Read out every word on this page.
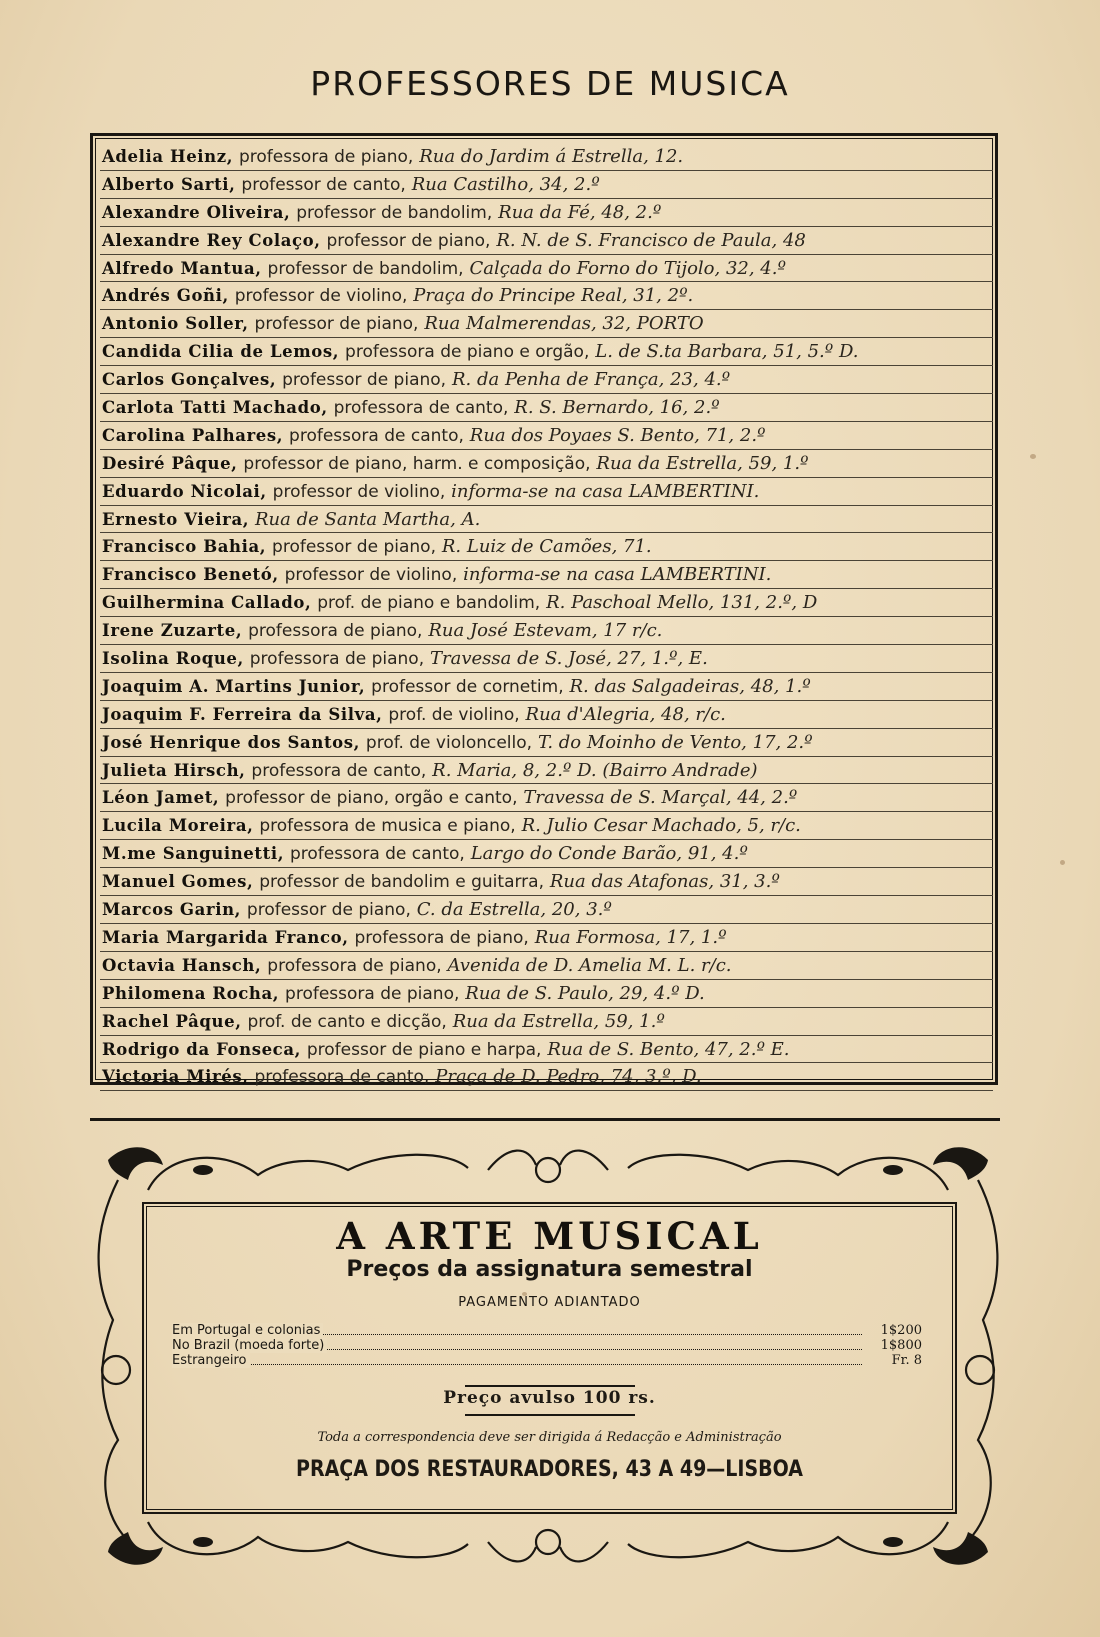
PROFESSORES DE MUSICA
Adelia Heinz, professora de piano, Rua do Jardim á Estrella, 12.
Alberto Sarti, professor de canto, Rua Castilho, 34, 2.º
Alexandre Oliveira, professor de bandolim, Rua da Fé, 48, 2.º
Alexandre Rey Colaço, professor de piano, R. N. de S. Francisco de Paula, 48
Alfredo Mantua, professor de bandolim, Calçada do Forno do Tijolo, 32, 4.º
Andrés Goñi, professor de violino, Praça do Principe Real, 31, 2º.
Antonio Soller, professor de piano, Rua Malmerendas, 32, PORTO
Candida Cilia de Lemos, professora de piano e orgão, L. de S.ta Barbara, 51, 5.º D.
Carlos Gonçalves, professor de piano, R. da Penha de França, 23, 4.º
Carlota Tatti Machado, professora de canto, R. S. Bernardo, 16, 2.º
Carolina Palhares, professora de canto, Rua dos Poyaes S. Bento, 71, 2.º
Desiré Pâque, professor de piano, harm. e composição, Rua da Estrella, 59, 1.º
Eduardo Nicolai, professor de violino, informa-se na casa LAMBERTINI.
Ernesto Vieira, Rua de Santa Martha, A.
Francisco Bahia, professor de piano, R. Luiz de Camões, 71.
Francisco Benetó, professor de violino, informa-se na casa LAMBERTINI.
Guilhermina Callado, prof. de piano e bandolim, R. Paschoal Mello, 131, 2.º, D
Irene Zuzarte, professora de piano, Rua José Estevam, 17 r/c.
Isolina Roque, professora de piano, Travessa de S. José, 27, 1.º, E.
Joaquim A. Martins Junior, professor de cornetim, R. das Salgadeiras, 48, 1.º
Joaquim F. Ferreira da Silva, prof. de violino, Rua d'Alegria, 48, r/c.
José Henrique dos Santos, prof. de violoncello, T. do Moinho de Vento, 17, 2.º
Julieta Hirsch, professora de canto, R. Maria, 8, 2.º D. (Bairro Andrade)
Léon Jamet, professor de piano, orgão e canto, Travessa de S. Marçal, 44, 2.º
Lucila Moreira, professora de musica e piano, R. Julio Cesar Machado, 5, r/c.
M.me Sanguinetti, professora de canto, Largo do Conde Barão, 91, 4.º
Manuel Gomes, professor de bandolim e guitarra, Rua das Atafonas, 31, 3.º
Marcos Garin, professor de piano, C. da Estrella, 20, 3.º
Maria Margarida Franco, professora de piano, Rua Formosa, 17, 1.º
Octavia Hansch, professora de piano, Avenida de D. Amelia M. L. r/c.
Philomena Rocha, professora de piano, Rua de S. Paulo, 29, 4.º D.
Rachel Pâque, prof. de canto e dicção, Rua da Estrella, 59, 1.º
Rodrigo da Fonseca, professor de piano e harpa, Rua de S. Bento, 47, 2.º E.
Victoria Mirés, professora de canto, Praça de D. Pedro, 74, 3.º, D.
A ARTE MUSICAL
Preços da assignatura semestral
PAGAMENTO ADIANTADO
Em Portugal e colonias	1$200
No Brazil (moeda forte)	1$800
Estrangeiro	Fr. 8
Preço avulso 100 rs.
Toda a correspondencia deve ser dirigida á Redacção e Administração
PRAÇA DOS RESTAURADORES, 43 A 49—LISBOA
